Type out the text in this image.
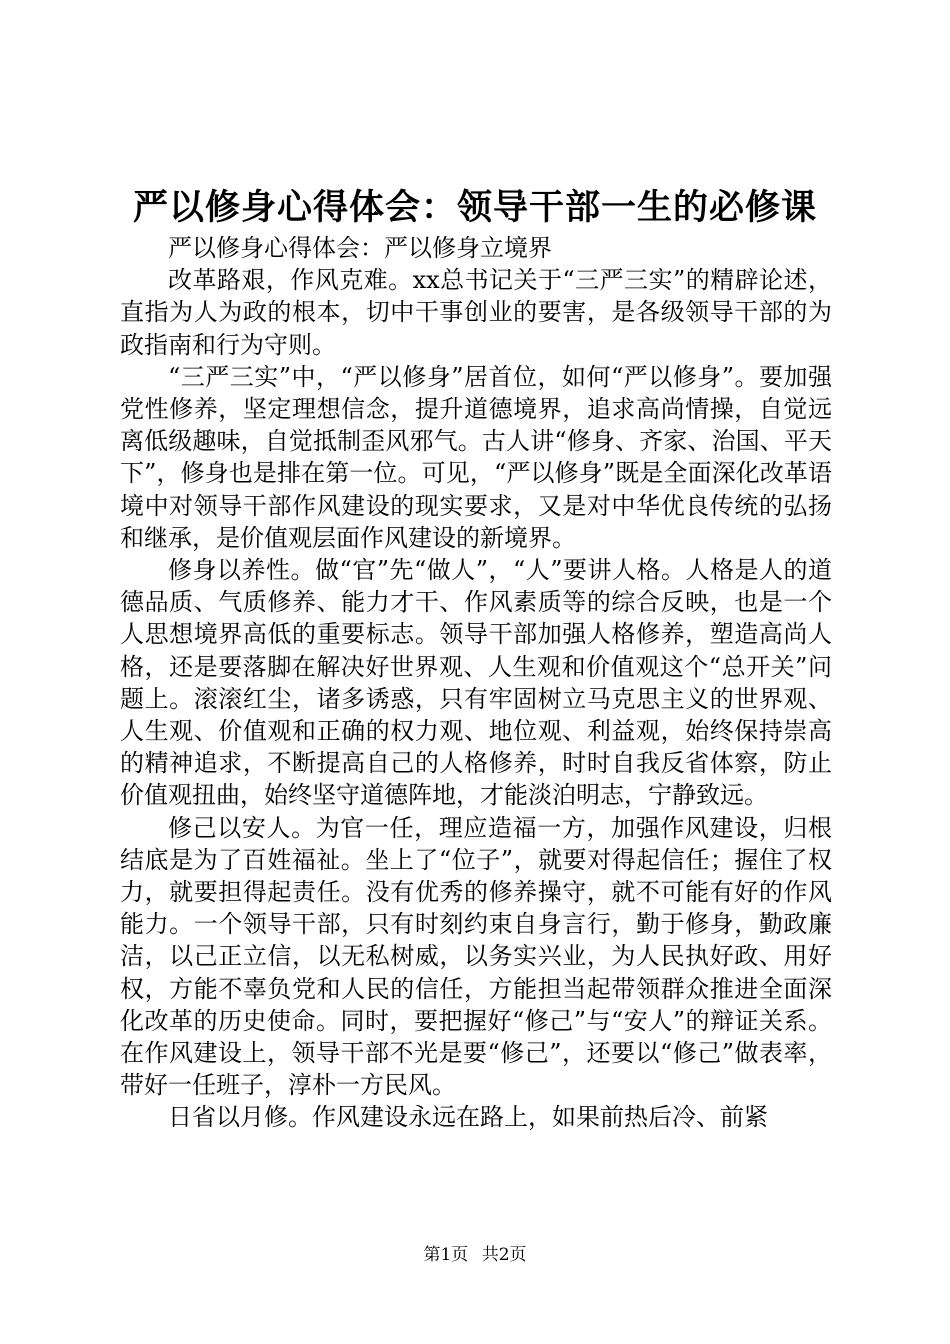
严以修身心得体会：领导干部一生的必修课

严以修身心得体会：严以修身立境界

改革路艰，作风克难。xx总书记关于“三严三实”的精辟论述，直指为人为政的根本，切中干事创业的要害，是各级领导干部的为政指南和行为守则。

“三严三实”中，“严以修身”居首位，如何“严以修身”。要加强党性修养，坚定理想信念，提升道德境界，追求高尚情操，自觉远离低级趣味，自觉抵制歪风邪气。古人讲“修身、齐家、治国、平天下”，修身也是排在第一位。可见，“严以修身”既是全面深化改革语境中对领导干部作风建设的现实要求，又是对中华优良传统的弘扬和继承，是价值观层面作风建设的新境界。

修身以养性。做“官”先“做人”，“人”要讲人格。人格是人的道德品质、气质修养、能力才干、作风素质等的综合反映，也是一个人思想境界高低的重要标志。领导干部加强人格修养，塑造高尚人格，还是要落脚在解决好世界观、人生观和价值观这个“总开关”问题上。滚滚红尘，诸多诱惑，只有牢固树立马克思主义的世界观、人生观、价值观和正确的权力观、地位观、利益观，始终保持崇高的精神追求，不断提高自己的人格修养，时时自我反省体察，防止价值观扭曲，始终坚守道德阵地，才能淡泊明志，宁静致远。

修己以安人。为官一任，理应造福一方，加强作风建设，归根结底是为了百姓福祉。坐上了“位子”，就要对得起信任；握住了权力，就要担得起责任。没有优秀的修养操守，就不可能有好的作风能力。一个领导干部，只有时刻约束自身言行，勤于修身，勤政廉洁，以己正立信，以无私树威，以务实兴业，为人民执好政、用好权，方能不辜负党和人民的信任，方能担当起带领群众推进全面深化改革的历史使命。同时，要把握好“修己”与“安人”的辩证关系。在作风建设上，领导干部不光是要“修己”，还要以“修己”做表率，带好一任班子，淳朴一方民风。

日省以月修。作风建设永远在路上，如果前热后冷、前紧

第1页 共2页
